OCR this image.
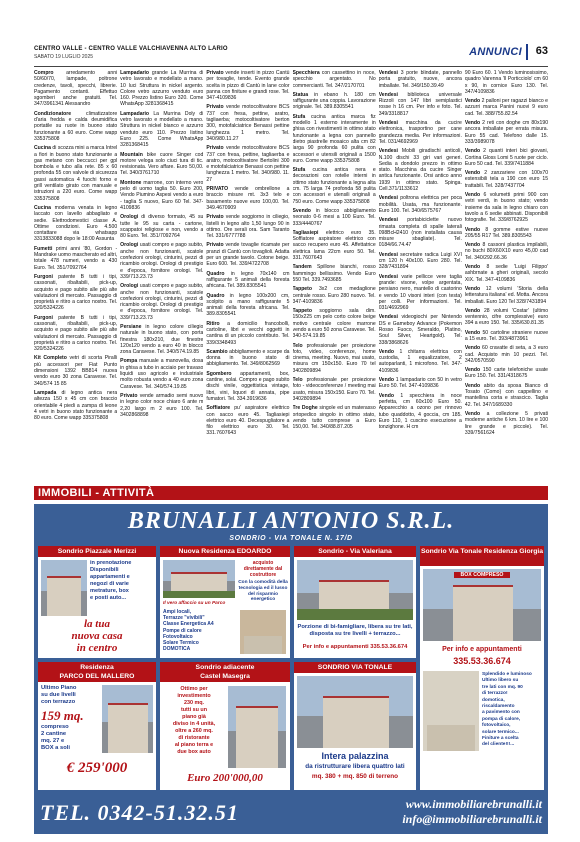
CENTRO VALLE - CENTRO VALLE VALCHIAVENNA ALTO LARIO
SABATO 19 LUGLIO 2025	ANNUNCI 63

Compro arredamento anni 50/60/70, lampade, poltrone credenze, tavoli, specchi, librerie. Pagamento contanti. Effettuo sgomberi anche gratuiti. Tel. 347/3961341 Alessandro

Condizionatore climatizzatore d'aria fredda e calda deumidifica portatile su ruote in buono stato funzionante a 60 euro. Come wapp 335375808

Cucina di scozza mini a marca Intrel a fiori in buono stato funzionante a gas metano con beccucci per gpl bombola e tubo alla rete. 85 x 60 profonda 55 con valvole di sicurezza gassi automatica 4 fuochi forno e grill ventilato girato con manuale e istruzioni a 220 euro. Come wapp 335375808

Cucina moderna venata in legno laccato con lavello abbagliato e sedie. Elettrodomestici classe A. Ottime condizioni. Euro 4.500 contattare via whatsapp 3313833088 dopo le 18:00 Assunta

Fumetti primi anni '80, Gordon - Mandrake uomo mascherato ed altri, totale 478 numeri, vendo a 430 Euro. Tel. 351/7092764

Furgoni patente B tutti i tipi, cassonati, ribaltabili, pick-up, acquisto e pago subito alle più alte valutazioni di mercato. Passaggio di proprietà e ritiro a carico nostro. Tel. 320/5324226

Furgoni patente B tutti i tipi, cassonati, ribaltabili, pick-up, acquisto e pago subito alle più alte valutazioni di mercato. Passaggio di proprietà e ritiro a carico nostro. Tel. 320/5324226

Kit Completo vetri di scorta Piralli più accessori per Fiat Punto dimensioni 1392 BB814 nuova vendo euro 30 zona Caravese. Tel. 340/574 15 85

Lampada di legno antica nera altezza 150 x 45 cm con braccio orientabile 4 piedi a zampa di leone 4 vetri in buono stato funzionante a 80 euro. Come wapp 335375808

Lampadario grande La Murrina di vetro lavorato e modellato a mano. 10 luci Struttura in nickel argento. Colore vetro azzurro venduto euro 160. Prezzo listino Euro 320. Come WhatsApp 3281368415

Lampadario La Murrina Doly di vetro lavorato e modellato a mano. Struttura in nickel bianco e azzurro venduto euro 110. Prezzo listino Euro 225. Come WhatsApp 3281368415

Mountain bike cuore Singer cod motore veloga solo ciuci tura di tic. revisionata. Vero affare. Euro 50,00. Tel. 340/3761710

Montone marrone, con interno vero pelo di uomo taglia 50. Euro 200, Vendo Piumino Aspesi vendo a euro - taglia S nuovo, Euro 60 Tel. 347-4109836

Orologi di diverso formato, 45 su tutte le 95 su carta - cartone, scappatoi religiose e non, vendo a 80 Euro. Tel. 351/7092764

Orologi usati compro e pago subito, anche non funzionanti, scatole confezioni orologi, cinturini, pezzi di ricambio orologi. Orologi di prestigio e d'epoca, fornitore orologi. Tel. 339/713.23.73

Orologi usati compro e pago subito, anche non funzionanti, scatole confezioni orologi, cinturini, pezzi di ricambio orologi. Orologi di prestigio e d'epoca, fornitore orologi. Tel. 339/713.23.73

Persiane in legno colore ciliegio naturale in buono stato, con porta finestra 180x210, due finestre 120x120 vendo a euro 40 in blocco zona Caravese. Tel. 340/574.19.85

Pompa manuale a manovella, dosa in ghisa a tubo in acciaio per travaso liquidi uso agricolo e industriale molto robusta vendo a 40 euro zona Caravese. Tel. 340/574.19.85

Privato vende armadio semi nuovo in legno color noce chiaro 6 ante m 2,20 largo m 2 euro 100. Tel. 3402868898

Privato vende inserti in pizzo Cantù per tovaglie, tende. Evento grande scelta in pizzo di Cantù in lane color panna con finiture e grandi rose. Tel. 347-4109836

Privato vende motocoltivatore BCS 737 con fresa, pettine, aratro, tagliaerba; motocoltivatore berton 300, motofalciatrice Benassi pettine lunghezza 1 metro. Tel. 340/980.11.27

Privato vende motocoltivatore BCS 737 con fresa, pettine, tagliaerba e aratro, motocoltivatore Bertolini 300 e motofalciatrice Benassi con pettine lunghezza 1 metro. Tel. 340/980. 11. 27

PRIVATO vende ombrellone a braccio misure mt. 3x3 telo e basamento nuove euro 100,00. Tel. 349.4670909

Privato vende soggiorno in ciliegio, listelli in legno alto 1,50 lungo 90 in ottimo. Ore serali ora. Sam Taranto Tel. 331/6777788

Privato vende tovaglie ricamate per pranzi di Cantù con tovaglioli. Adatta per un grande tavolo. Cotone beige. Euro 600. Tel. 339/4722708

Quadro in legno 70x140 cm raffigurante 5 animali della foresta africana. Tel. 389.8305541

Quadro in legno 100x200 cm, scolpito a mano raffigurante 5 animali della foresta africana. Tel. 389.8305541

Ritiro a domicilio francobolli, cartoline, libri e vecchi oggetti in cantina di un piccolo contributo. Tel. 339/3348493

Scambio abbigliamento e scarpe da donna in buono stato di abbigliamento. Tel. 349/8062569

Sgombero appartamenti, box, cantine, solai. Compro e pago subito dischi vinile, oggettistica vintage, libri, vini, liquori di annata, pipe fumatori. Tel. 334.3919636

Soffiatore pu' aspiratore elettrico con sacco euro 45. Tagliasiepi elettrico euro 40. Decespugliatore a filo elettrico euro 30. Tel. 331.7607643

Specchiera con cassettino in noce, specchio argentato. No commercianti. Tel. 347/2170701

Statua in ebano h. 180 cm raffigurante una coppia. Lavorazione originale. Tel. 389.8305541

Stufa cucina antica marca fiz modello 1 esterno interamente in ghisa con rivestimenti in ottimo stato funzionante a legna con pannello dietro piastrelle mosaico alta cm 82 larga 90 profonda 60 pulita con accessori e utensili originali a 1500 euro. Come wapp 335375808

Stufa cucina antica nera e decorazioni con rotelle interni in ottimo stato funzionante a legna alta cm. 75 larga 74 profonda 58 pulita con accessori e utensili originali a 750 euro. Come wapp 335375808

Svendo in blocco abbigliamento neonato 0-6 mesi a 100 Euro. Tel. 333/4440767

Tagliasiepi elettrico euro 35. Soffiatore aspiratore elettrico con sacco recupero euro 45. Affettatrice elettrica lama 22cm euro 50. Tel. 331.7607643

Tandem Spillone bianchi, rosso fiammingo bellissimo. Vendo Euro 550 Tel. 339.7493685

Tappeto 3x2 con medaglione centrale rosso. Euro 280 nuovo. Tel. 347-4109836

Tappeto soggiorno sala dim. 150x225 cm pelo corto colore beige motivo centrale colore marrone vendo a euro 50 zona Caravese. Tel. 340-574.19.85

Telo professionale per proiezione foto, video, conferenze, home cinema, meeting. Nuovo, mai usato, misura cm 150x150. Euro 70 tel 3402809894

Telo professionale per proiezione foto - videoconferenze / meeting mai usato, misura 150x150. Euro 70. Tel. 3402809894

Tre Doghe singole ed un materasso ortopedico singolo in ottimo stato, vendo tutto comprese a Euro 150,00. Tel. 340/88.87.205

Vendesi 3 porte blindate, pannello porta gratuito, nuove, ancora imballate. Tel. 349/150.39.49

Vendesi biblioteca universale Rizzoli con 147 libri semiplastici rosse h 16 cm. Per info e foto. Tel. 349/3318817

Vendesi macchina da cucire elettronica, trasportino per cane grandezza media. Per informazioni. Tel. 031/4692969

Vendesi Mobili giradischi anticoli, N.100 dischi 33 giri vari generi. Sedia a dondolo prezzo in ottimo stato. Macchina da cucire Singer antica funzionante. Orsi antico anno 1939 in ottimo stato. Spinga. Cell.371/1133612

Vendesi poltrona elettrica per poca mobilità. Usata, ma funzionante. Euro 100. Tel. 340/6575767

Vendesi portabiciclette nuovo rimasta completa di spalle laterali 098BcH2410 (non installata causa misure sbagliate). Tel. 0184/66.74.47

Vendesi secretaire radica Luigi XVI cm 120 h 40x100. Euro 280. Tel. 328/7431894

Vendesi varie pellicce vere taglia grande: visone, volpe argentata, persiano nero, mantello di castorino e vendo 10 visoni interi (con testa) per colli. Per informazioni. Tel. 031/4692969

Vendesi videogiochi per Nintendo DS e Gameboy Advance (Pokemon Rosso Fuoco, Smeraldo, Platino, Soul Silver, Heartgold). Tel. 338/3868626

Vendo 1 chitarra elettrica con custodia, 1 equalizzatore, 2 autoparlanti, 1 microfono. Tel. 347-4109836

Vendo 1 lampadario con 50 in vetro Euro 50. Tel. 347-4109836

Vendo 1 specchiera in noce perfetta, cm 60x100 Euro 50. Apparecchio a ozono per rinnovo tubo quaddotto, 4 goccia, cm 185. Euro 110, 1 cuscino esecuzione a tonzighone. H cm

90 Euro 60. 1 Vendo luminosissimo, quadro Varenna 'Il Porticciolo' cm 60 x 90, in cornice Euro 130. Tel. 347/4109836

Vendo 2 palloni per ragazzi bianco e azzurri marca Panini nuovi 9 euro cad. Tel. 388/755.82.54

Vendo 2 reti con doghe cm 80x190 ancora imballate per errata misura. Euro 55 cad. Telefono dalle 15. 333/3989078

Vendo 2 quanti interi bici giovani, Cortina Gloss Lomi 5 ruote per ciclo. Euro 50 cad. Tel. 339/7411884

Vendo 2 zanzariere con 100x70 estensibili tela a 190 con euro 15 trattabili. Tel. 328/7437704

Vendo 6 volumetti primi 900 con vetri verdi, in buono stato; vendo insieme da sala in legno chiaro con tavolo a 6 sedie abbinati. Disponibili fotografie. Tel. 339/8762925

Vendo 8 gomme estive nuove 205/55 R17 Tel. 389.8305543

Vendo 8 cassoni plastica impilabili, no buchi 80X60X10 euro 45,00 cad Tel. 340/292.66.36

Vendo 8 sedie 'Luigi Filippo' ashbrnate a gheri originali, secolo XIX. Tel. 347-4109836

Vendo 12 volumi 'Storia della letteratura italiana' ed. Motta. Ancora imballati. Euro 120 Tel 328/7431894

Vendo 28 volumi 'Costar' (ultimo ventennio, cifre complessive) euro 394 a euro 150. Tel. 335/630.81.35

Vendo 50 cartoline straniere nuove a 15 euro. Tel. 393/4873961

Vendo 60 cravatte di seta, a 3 euro cad. Acquisto min 10 pezzi. Tel. 342/0570590

Vendo 150 carte telefoniche usate Euro 150. Tel. 331/4318675

Vendo abito da sposa Bianco di Tosato (Como) con cappellino e mantellina corta e strascico. Taglia 42. Tel. 347/1689330

Vendo a collezione 5 privati moderne antiche 6 km. 10 lire e 100 lire grande e piccole). Tel. 339/7561624

IMMOBILI - ATTIVITÀ
BRUNALLI ANTONIO S.R.L.
SONDRIO - VIA TONALE N. 17/D
Sondrio Piazzale Merizzi
in prenotazione
Disponibili
appartamenti e
negozi di varie
metrature, box
e posti auto...
la tua
nuova casa
in centro
Nuova Residenza EDOARDO
acquisto direttamente dal costruttore
Con la comodità della tecnologia ed il lusso del risparmio energetico
Il vero affaccio su un Parco
Ampi locali,
Terrazze "vivibili"
Classe Energetica A4
Pompe di calore
Fotovoltaico
Solare Termico
DOMOTICA
Sondrio - Via Valeriana
Porzione di bi-famigliare, libera su tre lati, disposta su tre livelli + terrazzo...
Per info e appuntamenti 335.53.36.674
Sondrio Via Tonale Residenza Giorgia
BOX COMPRESO
Per info e appuntamenti
335.53.36.674
Splendido e luminoso
Ultimo libero su
tre lati con mq. 90
di terrazzo!
domotica,
riscaldamento
a pavimento con
pompa di calore,
fotovoltaico,
solare termico...
Finiture a scelta
del cliente!!!...
Residenza
PARCO DEL MALLERO
Ultimo Piano
su due livelli
con terrazzo
159 mq.
compreso
2 cantine
mq. 27 e
BOX a soli
€ 259'000
Sondrio adiacente
Castel Masegra
Ottimo per
investimento
230 mq.
tutti su un
piano già
diviso in 4 unità,
oltre a 260 mq.
di ristorante
al piano terra e
due box auto
Euro 200'000,00
SONDRIO VIA TONALE
Intera palazzina
da ristrutturare libera quattro lati
mq. 380 + mq. 850 di terreno
TEL. 0342-51.32.51	www.immobiliarebrunalli.it
info@immobiliarebrunalli.it
